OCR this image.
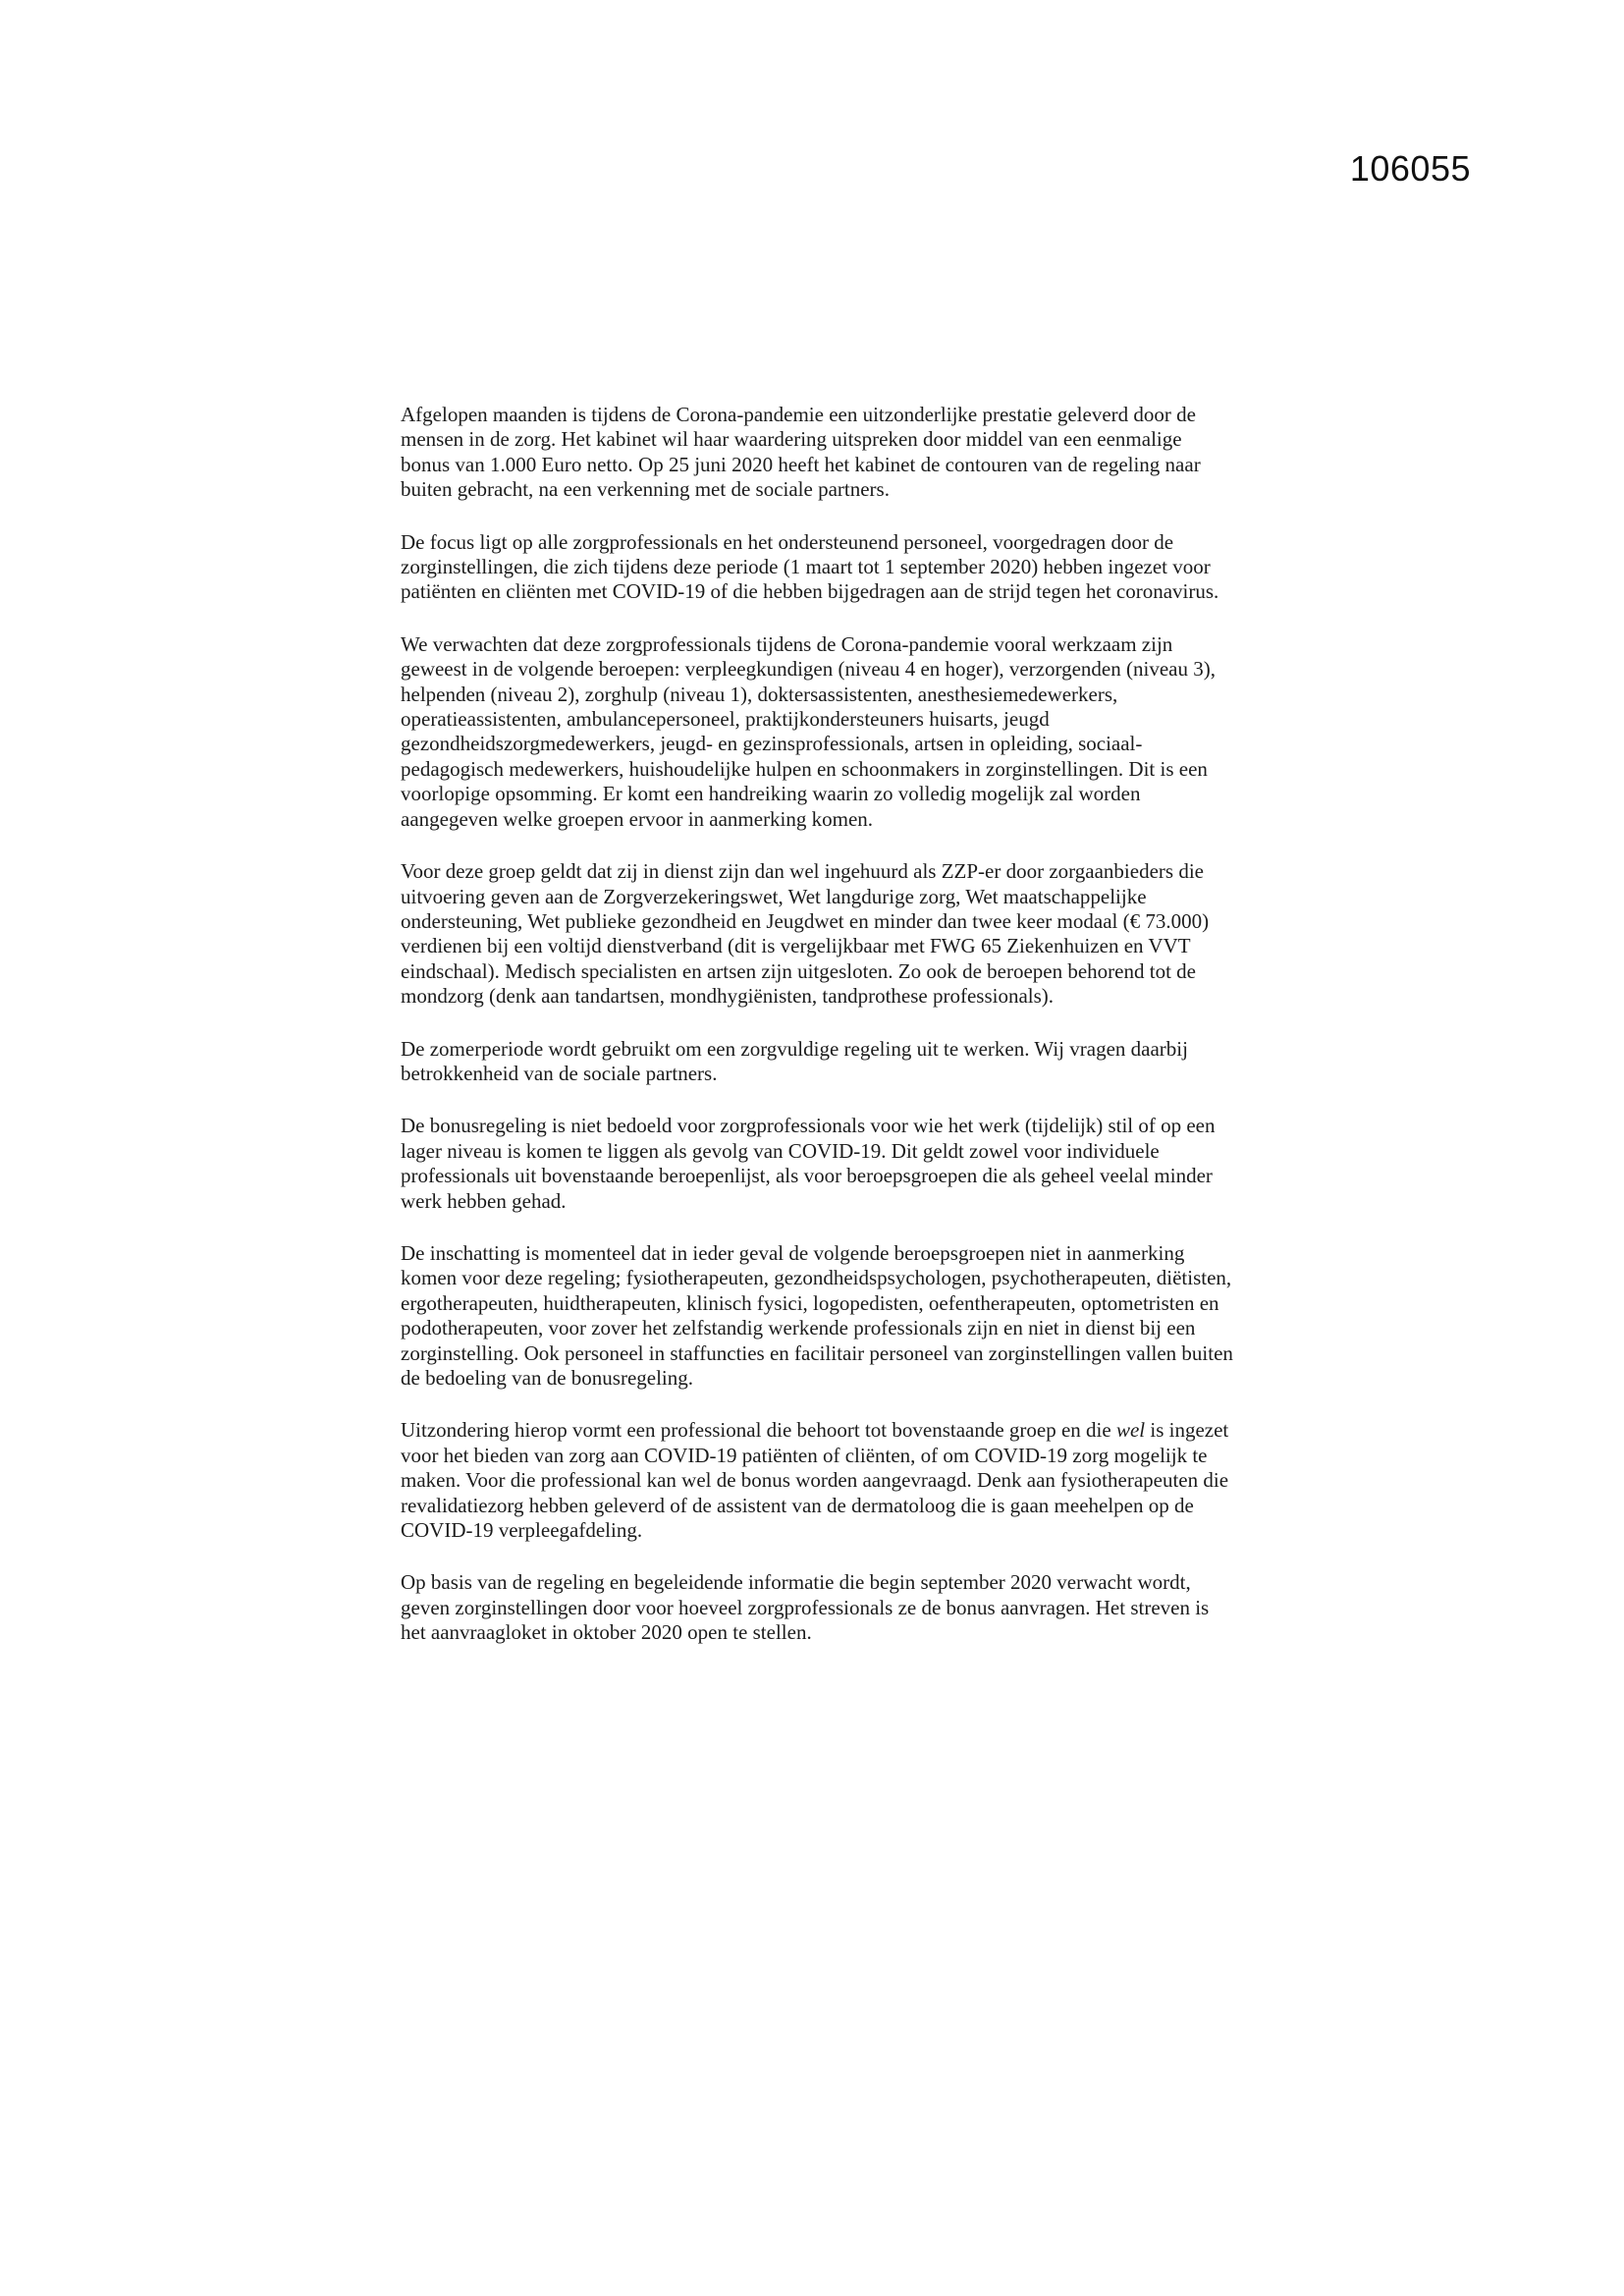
106055

Afgelopen maanden is tijdens de Corona-pandemie een uitzonderlijke prestatie geleverd door de mensen in de zorg. Het kabinet wil haar waardering uitspreken door middel van een eenmalige bonus van 1.000 Euro netto. Op 25 juni 2020 heeft het kabinet de contouren van de regeling naar buiten gebracht, na een verkenning met de sociale partners.

De focus ligt op alle zorgprofessionals en het ondersteunend personeel, voorgedragen door de zorginstellingen, die zich tijdens deze periode (1 maart tot 1 september 2020) hebben ingezet voor patiënten en cliënten met COVID-19 of die hebben bijgedragen aan de strijd tegen het coronavirus.

We verwachten dat deze zorgprofessionals tijdens de Corona-pandemie vooral werkzaam zijn geweest in de volgende beroepen: verpleegkundigen (niveau 4 en hoger), verzorgenden (niveau 3), helpenden (niveau 2), zorghulp (niveau 1), doktersassistenten, anesthesiemedewerkers, operatieassistenten, ambulancepersoneel, praktijkondersteuners huisarts, jeugd gezondheidszorgmedewerkers, jeugd- en gezinsprofessionals, artsen in opleiding, sociaal- pedagogisch medewerkers, huishoudelijke hulpen en schoonmakers in zorginstellingen. Dit is een voorlopige opsomming. Er komt een handreiking waarin zo volledig mogelijk zal worden aangegeven welke groepen ervoor in aanmerking komen.

Voor deze groep geldt dat zij in dienst zijn dan wel ingehuurd als ZZP-er door zorgaanbieders die uitvoering geven aan de Zorgverzekeringswet, Wet langdurige zorg, Wet maatschappelijke ondersteuning, Wet publieke gezondheid en Jeugdwet en minder dan twee keer modaal (€ 73.000) verdienen bij een voltijd dienstverband (dit is vergelijkbaar met FWG 65 Ziekenhuizen en VVT eindschaal). Medisch specialisten en artsen zijn uitgesloten. Zo ook de beroepen behorend tot de mondzorg (denk aan tandartsen, mondhygiënisten, tandprothese professionals).

De zomerperiode wordt gebruikt om een zorgvuldige regeling uit te werken. Wij vragen daarbij betrokkenheid van de sociale partners.

De bonusregeling is niet bedoeld voor zorgprofessionals voor wie het werk (tijdelijk) stil of op een lager niveau is komen te liggen als gevolg van COVID-19. Dit geldt zowel voor individuele professionals uit bovenstaande beroepenlijst, als voor beroepsgroepen die als geheel veelal minder werk hebben gehad.

De inschatting is momenteel dat in ieder geval de volgende beroepsgroepen niet in aanmerking komen voor deze regeling; fysiotherapeuten, gezondheidspsychologen, psychotherapeuten, diëtisten, ergotherapeuten, huidtherapeuten, klinisch fysici, logopedisten, oefentherapeuten, optometristen en podotherapeuten, voor zover het zelfstandig werkende professionals zijn en niet in dienst bij een zorginstelling. Ook personeel in staffuncties en facilitair personeel van zorginstellingen vallen buiten de bedoeling van de bonusregeling.

Uitzondering hierop vormt een professional die behoort tot bovenstaande groep en die wel is ingezet voor het bieden van zorg aan COVID-19 patiënten of cliënten, of om COVID-19 zorg mogelijk te maken. Voor die professional kan wel de bonus worden aangevraagd. Denk aan fysiotherapeuten die revalidatiezorg hebben geleverd of de assistent van de dermatoloog die is gaan meehelpen op de COVID-19 verpleegafdeling.

Op basis van de regeling en begeleidende informatie die begin september 2020 verwacht wordt, geven zorginstellingen door voor hoeveel zorgprofessionals ze de bonus aanvragen. Het streven is het aanvraagloket in oktober 2020 open te stellen.
